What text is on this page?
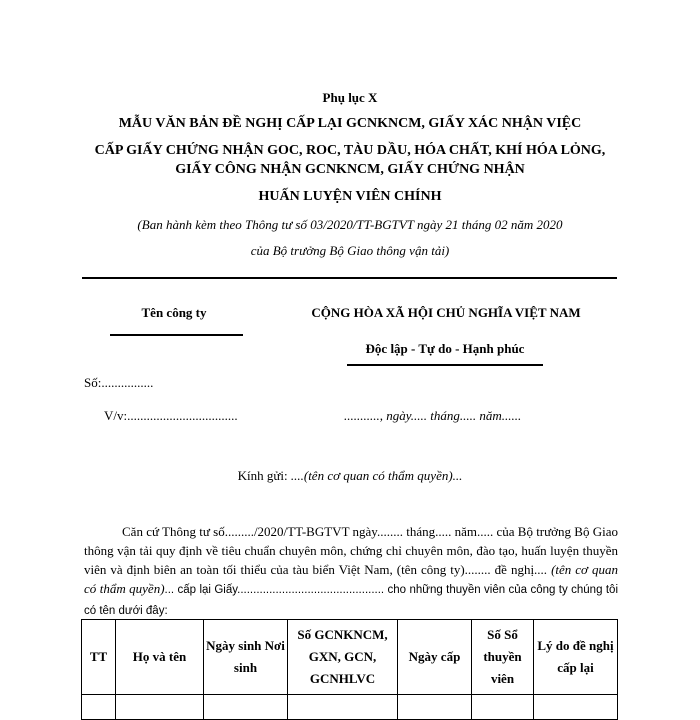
Phụ lục X
MẪU VĂN BẢN ĐỀ NGHỊ CẤP LẠI GCNKNCM, GIẤY XÁC NHẬN VIỆC
CẤP GIẤY CHỨNG NHẬN GOC, ROC, TÀU DẦU, HÓA CHẤT, KHÍ HÓA LỎNG,
GIẤY CÔNG NHẬN GCNKNCM, GIẤY CHỨNG NHẬN
HUẤN LUYỆN VIÊN CHÍNH
(Ban hành kèm theo Thông tư số 03/2020/TT-BGTVT ngày 21 tháng 02 năm 2020
của Bộ trưởng Bộ Giao thông vận tải)
Tên công ty	CỘNG HÒA XÃ HỘI CHỦ NGHĨA VIỆT NAM
Độc lập - Tự do - Hạnh phúc
Số:................
V/v:..................................	..........., ngày..... tháng..... năm......
Kính gửi: ....(tên cơ quan có thẩm quyền)...
Căn cứ Thông tư số........./2020/TT-BGTVT ngày........ tháng..... năm..... của Bộ trưởng Bộ Giao thông vận tải quy định về tiêu chuẩn chuyên môn, chứng chỉ chuyên môn, đào tạo, huấn luyện thuyền viên và định biên an toàn tối thiểu của tàu biển Việt Nam, (tên công ty)........ đề nghị.... (tên cơ quan có thẩm quyền)... cấp lại Giấy.............................................. cho những thuyền viên của công ty chúng tôi có tên dưới đây:
TT	Họ và tên	Ngày sinh Nơi sinh	Số GCNKNCM, GXN, GCN, GCNHLVC	Ngày cấp	Số Sổ thuyền viên	Lý do đề nghị cấp lại
